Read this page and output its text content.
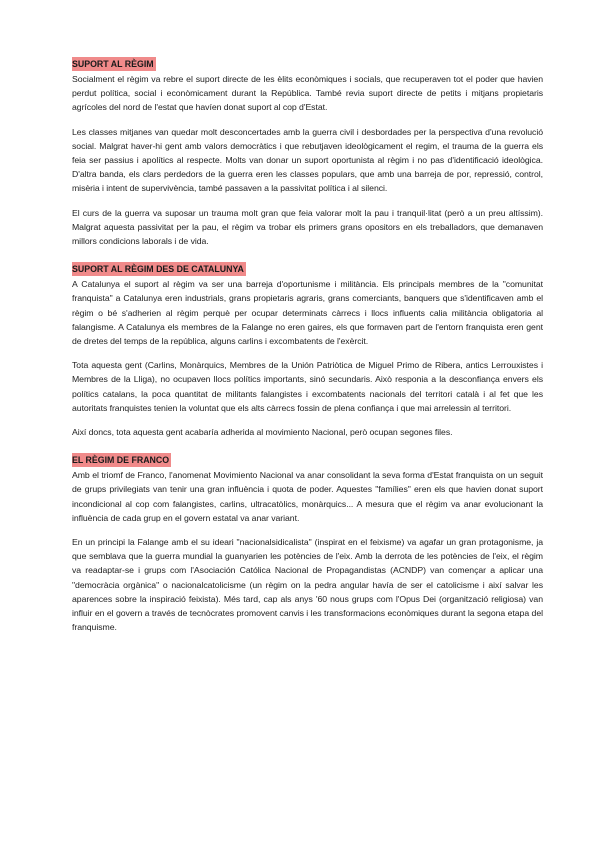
SUPORT AL RÈGIM

Socialment el règim va rebre el suport directe de les èlits econòmiques i socials, que recuperaven tot el poder que havien perdut política, social i econòmicament durant la República. També revia suport directe de petits i mitjans propietaris agrícoles del nord de l'estat que havíen donat suport al cop d'Estat.

Les classes mitjanes van quedar molt desconcertades amb la guerra civil i desbordades per la perspectiva d'una revolució social. Malgrat haver-hi gent amb valors democràtics i que rebutjaven ideològicament el regim, el trauma de la guerra els feia ser passius i apolítics al respecte. Molts van donar un suport oportunista al règim i no pas d'identificació ideològica. D'altra banda, els clars perdedors de la guerra eren les classes populars, que amb una barreja de por, repressió, control, misèria i intent de supervivència, també passaven a la passivitat política i al silenci.

El curs de la guerra va suposar un trauma molt gran que feia valorar molt la pau i tranquil·litat (però a un preu altíssim). Malgrat aquesta passivitat per la pau, el règim va trobar els primers grans opositors en els treballadors, que demanaven millors condicions laborals i de vida.

SUPORT AL RÈGIM DES DE CATALUNYA

A Catalunya el suport al règim va ser una barreja d'oportunisme i militància. Els principals membres de la "comunitat franquista" a Catalunya eren industrials, grans propietaris agraris, grans comerciants, banquers que s'identificaven amb el règim o bé s'adherien al règim perquè per ocupar determinats càrrecs i llocs influents calia militància obligatoria al falangisme. A Catalunya els membres de la Falange no eren gaires, els que formaven part de l'entorn franquista eren gent de dretes del temps de la república, alguns carlins i excombatents de l'exèrcit.

Tota aquesta gent (Carlins, Monàrquics, Membres de la Unión Patriòtica de Miguel Primo de Ribera, antics Lerrouxistes i Membres de la Lliga), no ocupaven llocs polítics importants, sinó secundaris. Això responia a la desconfiança envers els polítics catalans, la poca quantitat de militants falangistes i excombatents nacionals del territori català i al fet que les autoritats franquistes tenien la voluntat que els alts càrrecs fossin de plena confiança i que mai arrelessin al territori.

Així doncs, tota aquesta gent acabaría adherida al movimiento Nacional, però ocupan segones files.

EL RÈGIM DE FRANCO

Amb el triomf de Franco, l'anomenat Movimiento Nacional va anar consolidant la seva forma d'Estat franquista on un seguit de grups privilegiats van tenir una gran influència i quota de poder. Aquestes "famílies" eren els que havien donat suport incondicional al cop com falangistes, carlins, ultracatòlics, monàrquics... A mesura que el règim va anar evolucionant la influència de cada grup en el govern estatal va anar variant.

En un principi la Falange amb el su ideari "nacionalsidicalista" (inspirat en el feixisme) va agafar un gran protagonisme, ja que semblava que la guerra mundial la guanyarien les potències de l'eix. Amb la derrota de les potències de l'eix, el règim va readaptar-se i grups com l'Asociación Católica Nacional de Propagandistas (ACNDP) van començar a aplicar una "democràcia orgànica" o nacionalcatolicisme (un règim on la pedra angular havía de ser el catolicisme i així salvar les aparences sobre la inspiració feixista). Més tard, cap als anys '60 nous grups com l'Opus Dei (organització religiosa) van influir en el govern a través de tecnòcrates promovent canvis i les transformacions econòmiques durant la segona etapa del franquisme.
